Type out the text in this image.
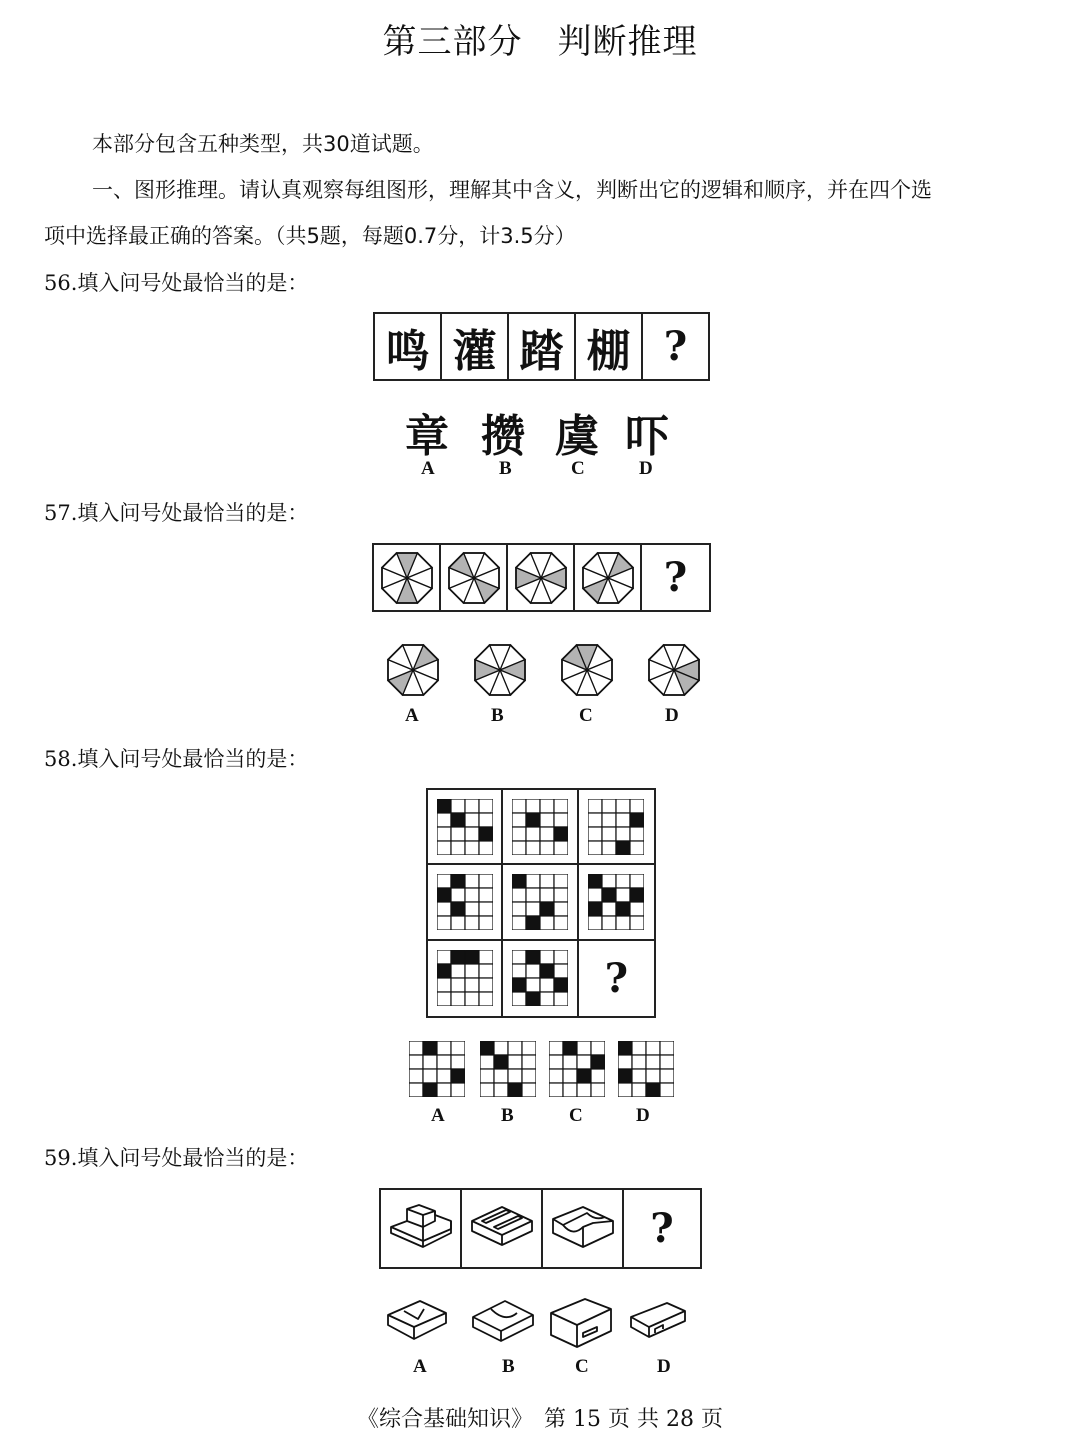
第三部分　判断推理
本部分包含五种类型，共30道试题。
一、图形推理。请认真观察每组图形，理解其中含义，判断出它的逻辑和顺序，并在四个选
项中选择最正确的答案。（共5题，每题0.7分，计3.5分）
56.填入问号处最恰当的是：
鸣 灌 踏 棚 ?
章 攒 虞 吓
A	B	C	D
57.填入问号处最恰当的是：
?
A	B	C	D
58.填入问号处最恰当的是：
?
A	B	C	D
59.填入问号处最恰当的是：
?
A	B	C	D
《综合基础知识》　第 15 页 共 28 页
